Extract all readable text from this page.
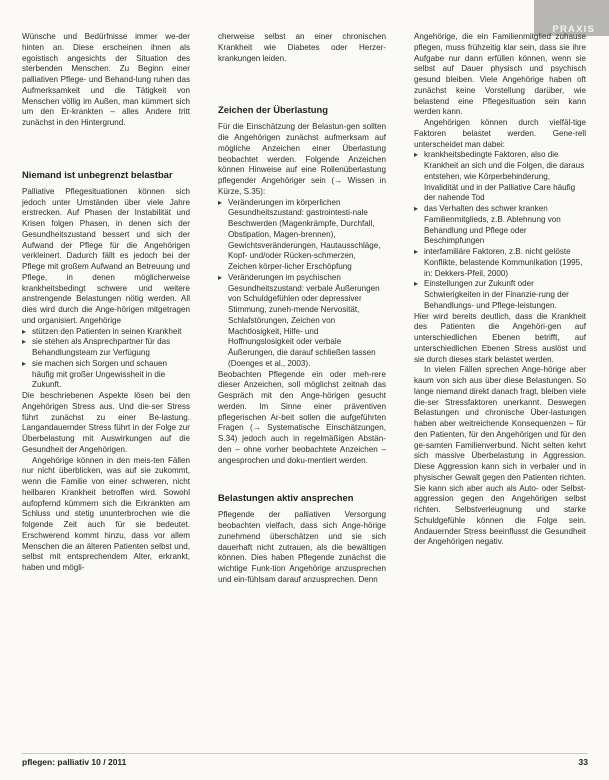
PRAXIS

Wünsche und Bedürfnisse immer we-der hinten an. Diese erscheinen ihnen als egoistisch angesichts der Situation des sterbenden Menschen. Zu Beginn einer palliativen Pflege- und Behand-lung ruhen das Aufmerksamkeit und die Tätigkeit von Menschen völlig im Außen, man kümmert sich um den Er-krankten – alles Andere tritt zunächst in den Hintergrund.

Niemand ist unbegrenzt belastbar

Palliative Pflegesituationen können sich jedoch unter Umständen über viele Jahre erstrecken. Auf Phasen der Instabilität und Krisen folgen Phasen, in denen sich der Gesundheitszustand bessert und sich der Aufwand der Pflege für die Angehörigen verkleinert. Dadurch fällt es jedoch bei der Pflege mit großem Aufwand an Betreuung und Pflege, in denen möglicherweise krankheitsbedingt schwere und weitere anstrengende Belastungen nötig werden. All dies wird durch die Ange-hörigen mitgetragen und organisiert. Angehörige

▸ stützen den Patienten in seinen Krankheit
▸ sie stehen als Ansprechpartner für das Behandlungsteam zur Verfügung
▸ sie machen sich Sorgen und schauen häufig mit großer Ungewissheit in die Zukunft.

Die beschriebenen Aspekte lösen bei den Angehörigen Stress aus. Und die-ser Stress führt zunächst zu einer Be-lastung. Langandauernder Stress führt in der Folge zur Überbelastung mit Auswirkungen auf die Gesundheit der Angehörigen.

Angehörige können in den meis-ten Fällen nur nicht überblicken, was auf sie zukommt, wenn die Familie von einer schweren, nicht heilbaren Krankheit betroffen wird. Sowohl aufopfernd kümmern sich die Erkrankten am Schluss und stetig ununterbrochen wie die folgende Zeit auch für sie bedeutet. Erschwerend kommt hinzu, dass vor allem Menschen die an älteren Patienten selbst und, selbst mit entsprechendem Alter, erkrankt, haben und mögli-

cherweise selbst an einer chronischen Krankheit wie Diabetes oder Herzer-krankungen leiden.

Zeichen der Überlastung

Für die Einschätzung der Belastun-gen sollten die Angehörigen zunächst aufmerksam auf mögliche Anzeichen einer Überlastung beobachtet werden. Folgende Anzeichen können Hinweise auf eine Rollenüberlastung pflegender Angehöriger sein (→ Wissen in Kürze, S.35):

▸ Veränderungen im körperlichen Gesundheitszustand: gastrointesti-nale Beschwerden (Magenkrämpfe, Durchfall, Obstipation, Magen-brennen), Gewichtsveränderungen, Hautausschläge, Kopf- und/oder Rücken-schmerzen, Zeichen körper-licher Erschöpfung
▸ Veränderungen im psychischen Gesundheitszustand: verbale Äußerungen von Schuldgefühlen oder depressiver Stimmung, zuneh-mende Nervosität, Schlafstörungen, Zeichen von Machtlosigkeit, Hilfe- und Hoffnungslosigkeit oder verbale Äußerungen, die darauf schließen lassen (Doenges et al., 2003).

Beobachten Pflegende ein oder meh-rere dieser Anzeichen, soll möglichst zeitnah das Gespräch mit den Ange-hörigen gesucht werden. Im Sinne einer präventiven pflegerischen Ar-beit sollen die aufgeführten Fragen (→ Systematische Einschätzungen, S.34) jedoch auch in regelmäßigen Abstän-den – ohne vorher beobachtete Anzeichen – angesprochen und doku-mentiert werden.

Belastungen aktiv ansprechen

Pflegende der palliativen Versorgung beobachten vielfach, dass sich Ange-hörige zunehmend überschätzen und sie sich dauerhaft nicht zutrauen, als die bewältigen können. Dies haben Pflegende zunächst die wichtige Funk-tion Angehörige anzusprechen und ein-fühlsam darauf anzusprechen. Denn

Angehörige, die ein Familienmitglied zuhause pflegen, muss frühzeitig klar sein, dass sie ihre Aufgabe nur dann erfüllen können, wenn sie selbst auf Dauer physisch und psychisch gesund bleiben. Viele Angehörige haben oft zunächst keine Vorstellung darüber, wie belastend eine Pflegesituation sein kann werden kann.

Angehörigen können durch vielfäl-tige Faktoren belastet werden. Gene-rell unterscheidet man dabei:

▸ krankheitsbedingte Faktoren, also die Krankheit an sich und die Folgen, die daraus entstehen, wie Körperbehinderung, Invalidität und in der Palliative Care häufig der nahende Tod
▸ das Verhalten des schwer kranken Familienmitglieds, z.B. Ablehnung von Behandlung und Pflege oder Beschimpfungen
▸ interfamiliäre Faktoren, z.B. nicht gelöste Konflikte, belastende Kommunikation (1995, in: Dekkers-Pfeil, 2000)
▸ Einstellungen zur Zukunft oder Schwierigkeiten in der Finanzie-rung der Behandlungs- und Pflege-leistungen.

Hier wird bereits deutlich, dass die Krankheit des Patienten die Angehöri-gen auf unterschiedlichen Ebenen betrifft, auf unterschiedlichen Ebenen Stress auslöst und sie durch dieses stark belastet werden.

In vielen Fällen sprechen Ange-hörige aber kaum von sich aus über diese Belastungen. So lange niemand direkt danach fragt, bleiben viele die-ser Stressfaktoren unerkannt. Deswegen Belastungen und chronische Über-lastungen haben aber weitreichende Konsequenzen – für den Patienten, für den Angehörigen und für den ge-samten Familienverbund. Nicht selten kehrt sich massive Überbelastung in Aggression. Diese Aggression kann sich in verbaler und in physischer Gewalt gegen den Patienten richten. Sie kann sich aber auch als Auto- oder Selbst-aggression gegen den Angehörigen selbst richten. Selbstverleugnung und starke Schuldgefühle können die Folge sein. Andauernder Stress beeinflusst die Gesundheit der Angehörigen negativ.

pflegen: palliativ 10 / 2011	33
